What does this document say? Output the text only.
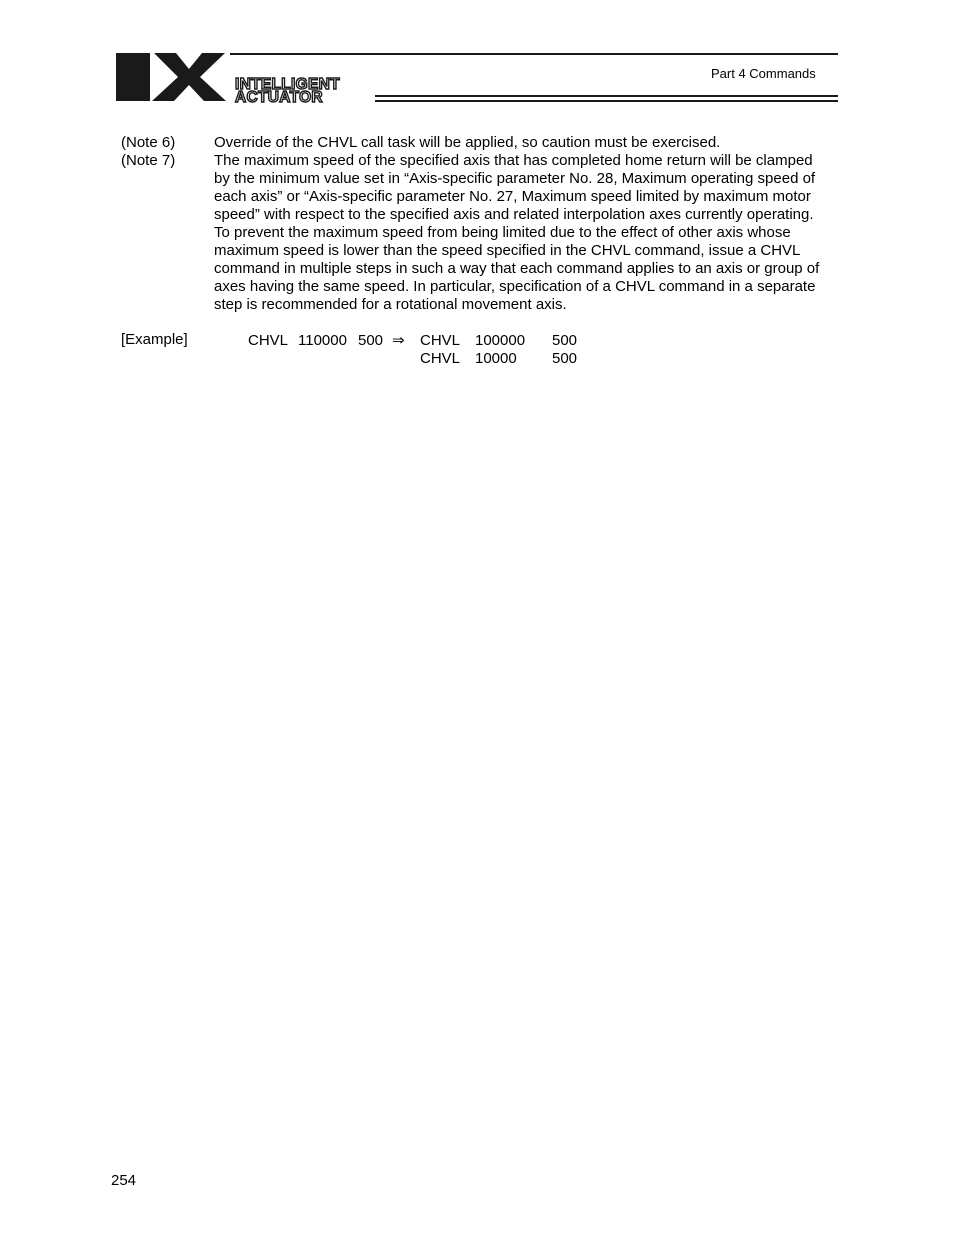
INTELLIGENT
ACTUATOR
Part 4 Commands
(Note 6)	Override of the CHVL call task will be applied, so caution must be exercised.
(Note 7)	The maximum speed of the specified axis that has completed home return will be clamped
by the minimum value set in “Axis-specific parameter No. 28, Maximum operating speed of
each axis” or “Axis-specific parameter No. 27, Maximum speed limited by maximum motor
speed” with respect to the specified axis and related interpolation axes currently operating.
To prevent the maximum speed from being limited due to the effect of other axis whose
maximum speed is lower than the speed specified in the CHVL command, issue a CHVL
command in multiple steps in such a way that each command applies to an axis or group of
axes having the same speed. In particular, specification of a CHVL command in a separate
step is recommended for a rotational movement axis.
[Example]	CHVL 110000 500 ⇒ CHVL 100000 500
CHVL 10000 500
254
